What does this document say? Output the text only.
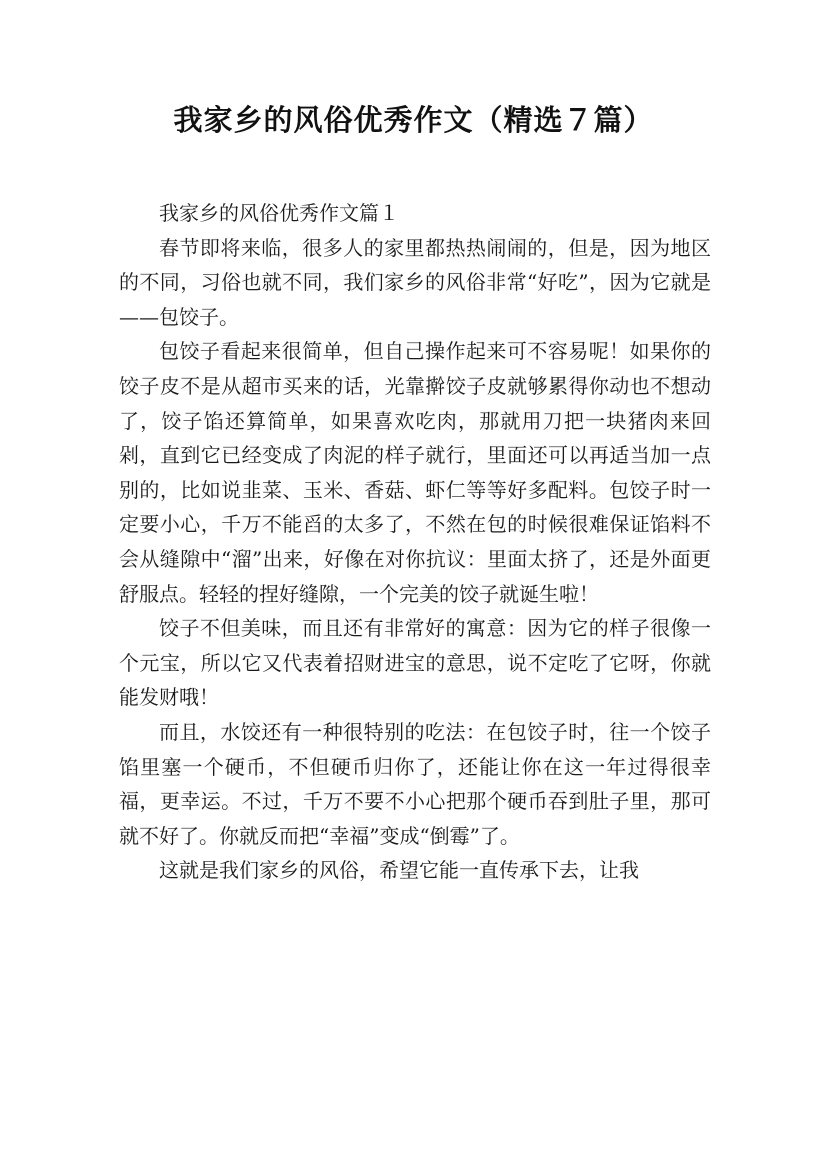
我家乡的风俗优秀作文（精选７篇）

我家乡的风俗优秀作文篇１

春节即将来临，很多人的家里都热热闹闹的，但是，因为地区的不同，习俗也就不同，我们家乡的风俗非常“好吃”，因为它就是——包饺子。

包饺子看起来很简单，但自己操作起来可不容易呢！如果你的饺子皮不是从超市买来的话，光靠擀饺子皮就够累得你动也不想动了，饺子馅还算简单，如果喜欢吃肉，那就用刀把一块猪肉来回剁，直到它已经变成了肉泥的样子就行，里面还可以再适当加一点别的，比如说韭菜、玉米、香菇、虾仁等等好多配料。包饺子时一定要小心，千万不能舀的太多了，不然在包的时候很难保证馅料不会从缝隙中“溜”出来，好像在对你抗议：里面太挤了，还是外面更舒服点。轻轻的捏好缝隙，一个完美的饺子就诞生啦！

饺子不但美味，而且还有非常好的寓意：因为它的样子很像一个元宝，所以它又代表着招财进宝的意思，说不定吃了它呀，你就能发财哦！

而且，水饺还有一种很特别的吃法：在包饺子时，往一个饺子馅里塞一个硬币，不但硬币归你了，还能让你在这一年过得很幸福，更幸运。不过，千万不要不小心把那个硬币吞到肚子里，那可就不好了。你就反而把“幸福”变成“倒霉”了。

这就是我们家乡的风俗，希望它能一直传承下去，让我
